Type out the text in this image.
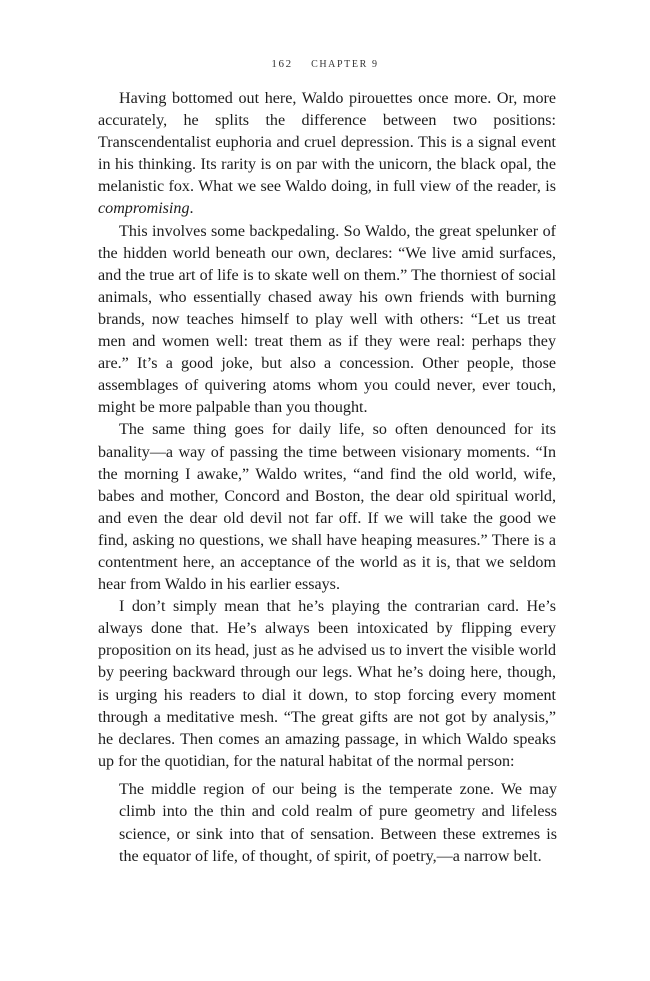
162 CHAPTER 9

Having bottomed out here, Waldo pirouettes once more. Or, more accurately, he splits the difference between two positions: Transcendentalist euphoria and cruel depression. This is a signal event in his thinking. Its rarity is on par with the unicorn, the black opal, the melanistic fox. What we see Waldo doing, in full view of the reader, is compromising.

This involves some backpedaling. So Waldo, the great spelunker of the hidden world beneath our own, declares: “We live amid surfaces, and the true art of life is to skate well on them.” The thorniest of social animals, who essentially chased away his own friends with burning brands, now teaches himself to play well with others: “Let us treat men and women well: treat them as if they were real: perhaps they are.” It’s a good joke, but also a concession. Other people, those assemblages of quivering atoms whom you could never, ever touch, might be more palpable than you thought.

The same thing goes for daily life, so often denounced for its banality—a way of passing the time between visionary moments. “In the morning I awake,” Waldo writes, “and find the old world, wife, babes and mother, Concord and Boston, the dear old spiritual world, and even the dear old devil not far off. If we will take the good we find, asking no questions, we shall have heaping measures.” There is a contentment here, an acceptance of the world as it is, that we seldom hear from Waldo in his earlier essays.

I don’t simply mean that he’s playing the contrarian card. He’s always done that. He’s always been intoxicated by flipping every proposition on its head, just as he advised us to invert the visible world by peering backward through our legs. What he’s doing here, though, is urging his readers to dial it down, to stop forcing every moment through a meditative mesh. “The great gifts are not got by analysis,” he declares. Then comes an amazing passage, in which Waldo speaks up for the quotidian, for the natural habitat of the normal person:

The middle region of our being is the temperate zone. We may climb into the thin and cold realm of pure geometry and lifeless science, or sink into that of sensation. Between these extremes is the equator of life, of thought, of spirit, of poetry,—a narrow belt.
